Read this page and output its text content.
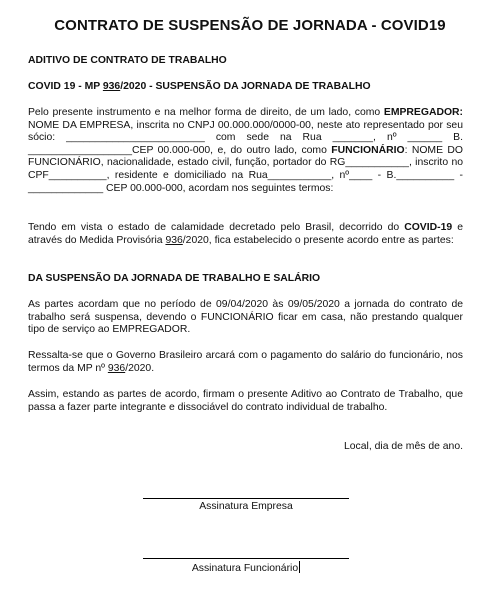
CONTRATO DE SUSPENSÃO DE JORNADA - COVID19
ADITIVO DE CONTRATO DE TRABALHO
COVID 19 - MP 936/2020 - SUSPENSÃO DA JORNADA DE TRABALHO
Pelo presente instrumento e na melhor forma de direito, de um lado, como EMPREGADOR: NOME DA EMPRESA, inscrita no CNPJ 00.000.000/0000-00, neste ato representado por seu sócio: ________________________ com sede na Rua _______, nº ______ B. __________________CEP 00.000-000, e, do outro lado, como FUNCIONÁRIO: NOME DO FUNCIONÁRIO, nacionalidade, estado civil, função, portador do RG___________, inscrito no CPF__________, residente e domiciliado na Rua___________, nº____ - B.__________ - _____________ CEP 00.000-000, acordam nos seguintes termos:
Tendo em vista o estado de calamidade decretado pelo Brasil, decorrido do COVID-19 e através do Medida Provisória 936/2020, fica estabelecido o presente acordo entre as partes:
DA SUSPENSÃO DA JORNADA DE TRABALHO E SALÁRIO
As partes acordam que no período de 09/04/2020 às 09/05/2020 a jornada do contrato de trabalho será suspensa, devendo o FUNCIONÁRIO ficar em casa, não prestando qualquer tipo de serviço ao EMPREGADOR.
Ressalta-se que o Governo Brasileiro arcará com o pagamento do salário do funcionário, nos termos da MP nº 936/2020.
Assim, estando as partes de acordo, firmam o presente Aditivo ao Contrato de Trabalho, que passa a fazer parte integrante e dissociável do contrato individual de trabalho.
Local, dia de mês de ano.
Assinatura Empresa
Assinatura Funcionário
